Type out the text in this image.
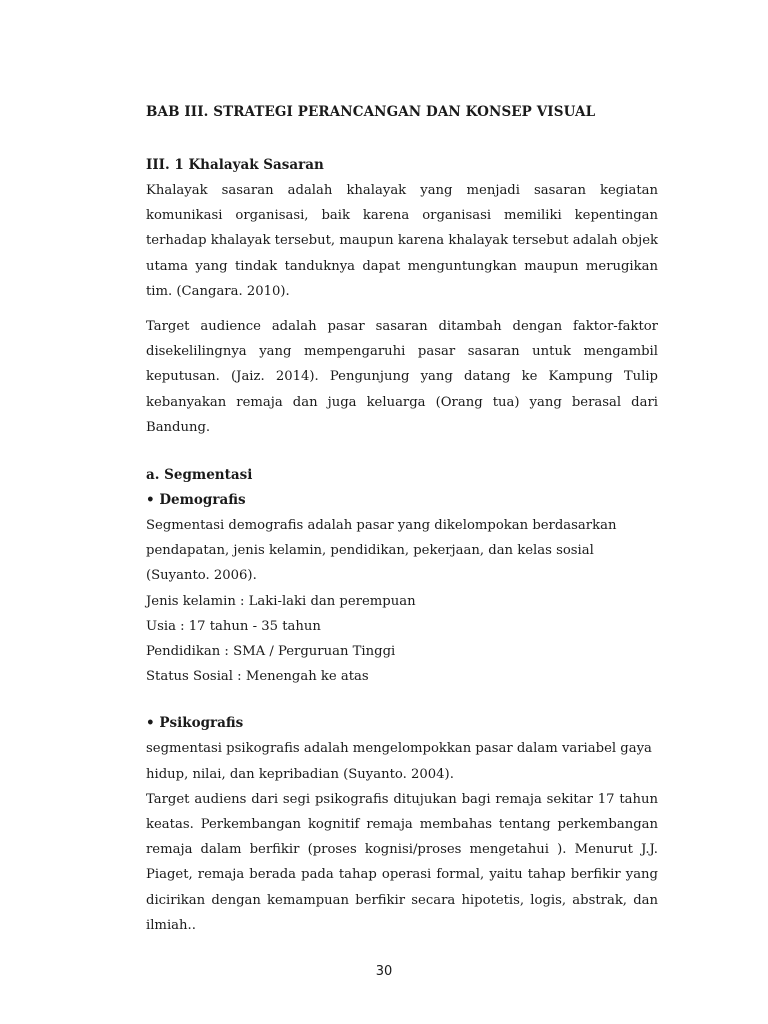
BAB III. STRATEGI PERANCANGAN DAN KONSEP VISUAL
III. 1 Khalayak Sasaran

Khalayak sasaran adalah khalayak yang menjadi sasaran kegiatan komunikasi organisasi, baik karena organisasi memiliki kepentingan terhadap khalayak tersebut, maupun karena khalayak tersebut adalah objek utama yang tindak tanduknya dapat menguntungkan maupun merugikan tim. (Cangara. 2010).

Target audience adalah pasar sasaran ditambah dengan faktor-faktor disekelilingnya yang mempengaruhi pasar sasaran untuk mengambil keputusan. (Jaiz. 2014). Pengunjung yang datang ke Kampung Tulip kebanyakan remaja dan juga keluarga (Orang tua) yang berasal dari Bandung.

a. Segmentasi
• Demografis

Segmentasi demografis adalah pasar yang dikelompokan berdasarkan pendapatan, jenis kelamin, pendidikan, pekerjaan, dan kelas sosial (Suyanto. 2006).

Jenis kelamin : Laki-laki dan perempuan

Usia : 17 tahun - 35 tahun

Pendidikan : SMA / Perguruan Tinggi

Status Sosial : Menengah ke atas

• Psikografis

segmentasi psikografis adalah mengelompokkan pasar dalam variabel gaya hidup, nilai, dan kepribadian (Suyanto. 2004).

Target audiens dari segi psikografis ditujukan bagi remaja sekitar 17 tahun keatas. Perkembangan kognitif remaja membahas tentang perkembangan remaja dalam berfikir (proses kognisi/proses mengetahui ). Menurut J.J. Piaget, remaja berada pada tahap operasi formal, yaitu tahap berfikir yang dicirikan dengan kemampuan berfikir secara hipotetis, logis, abstrak, dan ilmiah..

30
